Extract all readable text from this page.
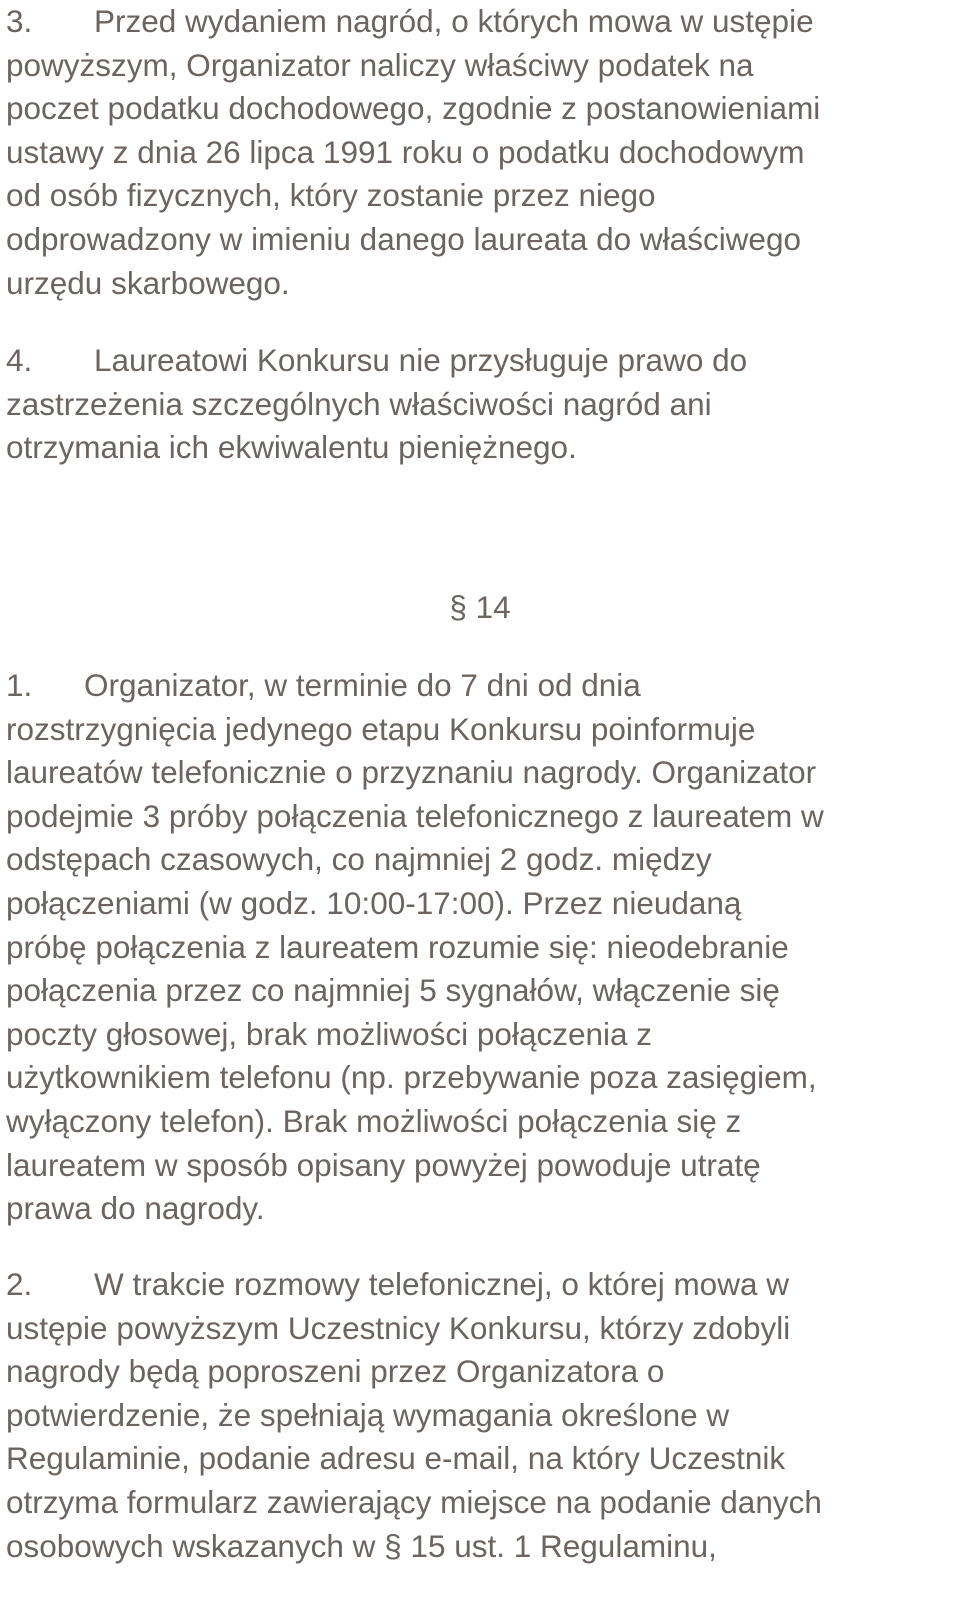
3. Przed wydaniem nagród, o których mowa w ustępie
powyższym, Organizator naliczy właściwy podatek na
poczet podatku dochodowego, zgodnie z postanowieniami
ustawy z dnia 26 lipca 1991 roku o podatku dochodowym
od osób fizycznych, który zostanie przez niego
odprowadzony w imieniu danego laureata do właściwego
urzędu skarbowego.

4. Laureatowi Konkursu nie przysługuje prawo do
zastrzeżenia szczególnych właściwości nagród ani
otrzymania ich ekwiwalentu pieniężnego.

§ 14

1. Organizator, w terminie do 7 dni od dnia
rozstrzygnięcia jedynego etapu Konkursu poinformuje
laureatów telefonicznie o przyznaniu nagrody. Organizator
podejmie 3 próby połączenia telefonicznego z laureatem w
odstępach czasowych, co najmniej 2 godz. między
połączeniami (w godz. 10:00-17:00). Przez nieudaną
próbę połączenia z laureatem rozumie się: nieodebranie
połączenia przez co najmniej 5 sygnałów, włączenie się
poczty głosowej, brak możliwości połączenia z
użytkownikiem telefonu (np. przebywanie poza zasięgiem,
wyłączony telefon). Brak możliwości połączenia się z
laureatem w sposób opisany powyżej powoduje utratę
prawa do nagrody.

2. W trakcie rozmowy telefonicznej, o której mowa w
ustępie powyższym Uczestnicy Konkursu, którzy zdobyli
nagrody będą poproszeni przez Organizatora o
potwierdzenie, że spełniają wymagania określone w
Regulaminie, podanie adresu e-mail, na który Uczestnik
otrzyma formularz zawierający miejsce na podanie danych
osobowych wskazanych w § 15 ust. 1 Regulaminu,
